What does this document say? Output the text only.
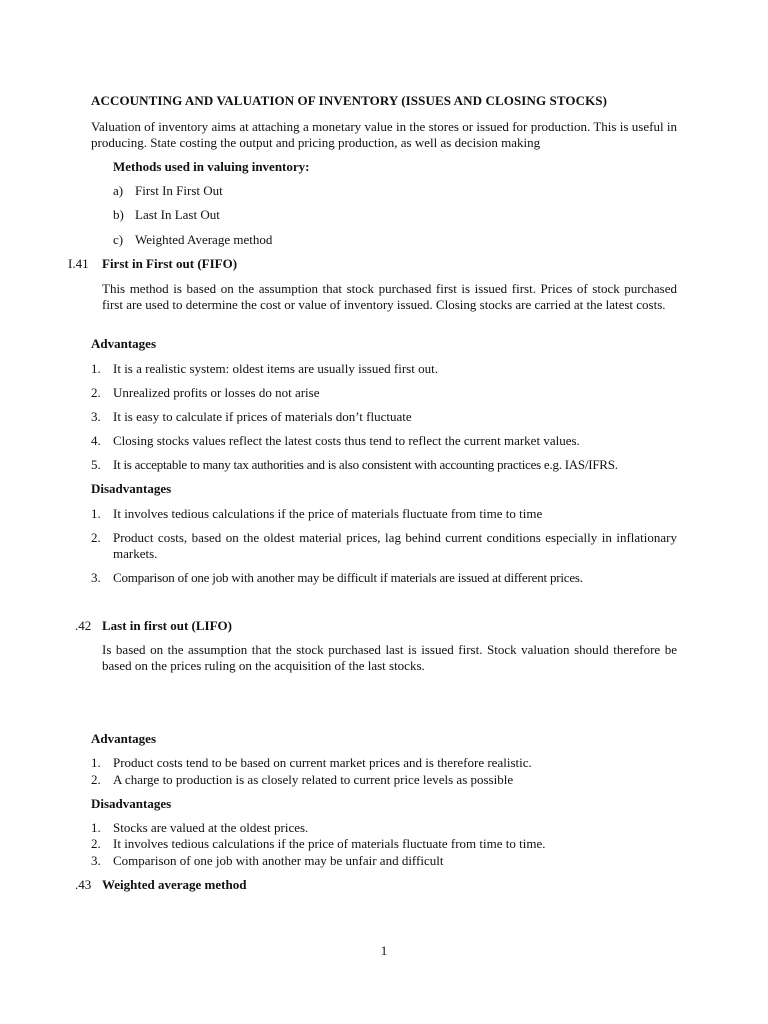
ACCOUNTING AND VALUATION OF INVENTORY (ISSUES AND CLOSING STOCKS)
Valuation of inventory aims at attaching a monetary value in the stores or issued for production. This is useful in producing. State costing the output and pricing production, as well as decision making
Methods used in valuing inventory:
a) First In First Out
b) Last In Last Out
c) Weighted Average method
I.41 First in First out (FIFO)
This method is based on the assumption that stock purchased first is issued first. Prices of stock purchased first are used to determine the cost or value of inventory issued. Closing stocks are carried at the latest costs.
Advantages
1. It is a realistic system: oldest items are usually issued first out.
2. Unrealized profits or losses do not arise
3. It is easy to calculate if prices of materials don’t fluctuate
4. Closing stocks values reflect the latest costs thus tend to reflect the current market values.
5. It is acceptable to many tax authorities and is also consistent with accounting practices e.g. IAS/IFRS.
Disadvantages
1. It involves tedious calculations if the price of materials fluctuate from time to time
2. Product costs, based on the oldest material prices, lag behind current conditions especially in inflationary markets.
3. Comparison of one job with another may be difficult if materials are issued at different prices.
.42 Last in first out (LIFO)
Is based on the assumption that the stock purchased last is issued first. Stock valuation should therefore be based on the prices ruling on the acquisition of the last stocks.
Advantages
1. Product costs tend to be based on current market prices and is therefore realistic.
2. A charge to production is as closely related to current price levels as possible
Disadvantages
1. Stocks are valued at the oldest prices.
2. It involves tedious calculations if the price of materials fluctuate from time to time.
3. Comparison of one job with another may be unfair and difficult
.43 Weighted average method
1
